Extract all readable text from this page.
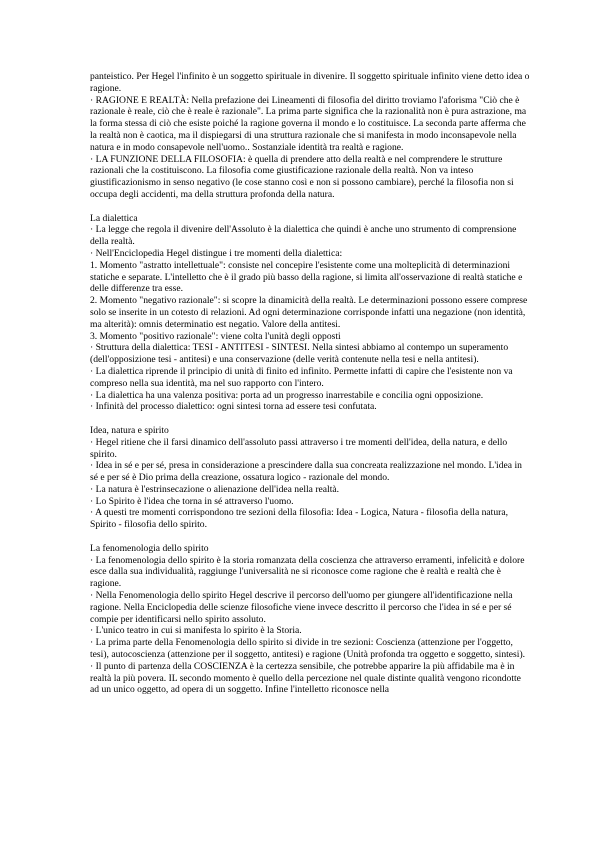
panteistico. Per Hegel l'infinito è un soggetto spirituale in divenire. Il soggetto spirituale infinito viene detto idea o ragione.

· RAGIONE E REALTÀ: Nella prefazione dei Lineamenti di filosofia del diritto troviamo l'aforisma "Ciò che è razionale è reale, ciò che è reale è razionale". La prima parte significa che la razionalità non è pura astrazione, ma la forma stessa di ciò che esiste poiché la ragione governa il mondo e lo costituisce. La seconda parte afferma che la realtà non è caotica, ma il dispiegarsi di una struttura razionale che si manifesta in modo inconsapevole nella natura e in modo consapevole nell'uomo.. Sostanziale identità tra realtà e ragione.

· LA FUNZIONE DELLA FILOSOFIA: è quella di prendere atto della realtà e nel comprendere le strutture razionali che la costituiscono. La filosofia come giustificazione razionale della realtà. Non va inteso giustificazionismo in senso negativo (le cose stanno così e non si possono cambiare), perché la filosofia non si occupa degli accidenti, ma della struttura profonda della natura.

La dialettica

· La legge che regola il divenire dell'Assoluto è la dialettica che quindi è anche uno strumento di comprensione della realtà.

· Nell'Enciclopedia Hegel distingue i tre momenti della dialettica:

1. Momento "astratto intellettuale": consiste nel concepire l'esistente come una molteplicità di determinazioni statiche e separate. L'intelletto che è il grado più basso della ragione, si limita all'osservazione di realtà statiche e delle differenze tra esse.

2. Momento "negativo razionale": si scopre la dinamicità della realtà. Le determinazioni possono essere comprese solo se inserite in un cotesto di relazioni. Ad ogni determinazione corrisponde infatti una negazione (non identità, ma alterità): omnis determinatio est negatio. Valore della antitesi.

3. Momento "positivo razionale": viene colta l'unità degli opposti

· Struttura della dialettica: TESI - ANTITESI - SINTESI. Nella sintesi abbiamo al contempo un superamento (dell'opposizione tesi - antitesi) e una conservazione (delle verità contenute nella tesi e nella antitesi).

· La dialettica riprende il principio di unità di finito ed infinito. Permette infatti di capire che l'esistente non va compreso nella sua identità, ma nel suo rapporto con l'intero.

· La dialettica ha una valenza positiva: porta ad un progresso inarrestabile e concilia ogni opposizione.

· Infinità del processo dialettico: ogni sintesi torna ad essere tesi confutata.

Idea, natura e spirito

· Hegel ritiene che il farsi dinamico dell'assoluto passi attraverso i tre momenti dell'idea, della natura, e dello spirito.

· Idea in sé e per sé, presa in considerazione a prescindere dalla sua concreata realizzazione nel mondo. L'idea in sé e per sé è Dio prima della creazione, ossatura logico - razionale del mondo.

· La natura è l'estrinsecazione o alienazione dell'idea nella realtà.

· Lo Spirito è l'idea che torna in sé attraverso l'uomo.

· A questi tre momenti corrispondono tre sezioni della filosofia: Idea - Logica, Natura - filosofia della natura, Spirito - filosofia dello spirito.

La fenomenologia dello spirito

· La fenomenologia dello spirito è la storia romanzata della coscienza che attraverso erramenti, infelicità e dolore esce dalla sua individualità, raggiunge l'universalità ne si riconosce come ragione che è realtà e realtà che è ragione.

· Nella Fenomenologia dello spirito Hegel descrive il percorso dell'uomo per giungere all'identificazione nella ragione. Nella Enciclopedia delle scienze filosofiche viene invece descritto il percorso che l'idea in sé e per sé compie per identificarsi nello spirito assoluto.

· L'unico teatro in cui si manifesta lo spirito è la Storia.

· La prima parte della Fenomenologia dello spirito si divide in tre sezioni: Coscienza (attenzione per l'oggetto, tesi), autocoscienza (attenzione per il soggetto, antitesi) e ragione (Unità profonda tra oggetto e soggetto, sintesi).

· Il punto di partenza della COSCIENZA è la certezza sensibile, che potrebbe apparire la più affidabile ma è in realtà la più povera. IL secondo momento è quello della percezione nel quale distinte qualità vengono ricondotte ad un unico oggetto, ad opera di un soggetto. Infine l'intelletto riconosce nella
